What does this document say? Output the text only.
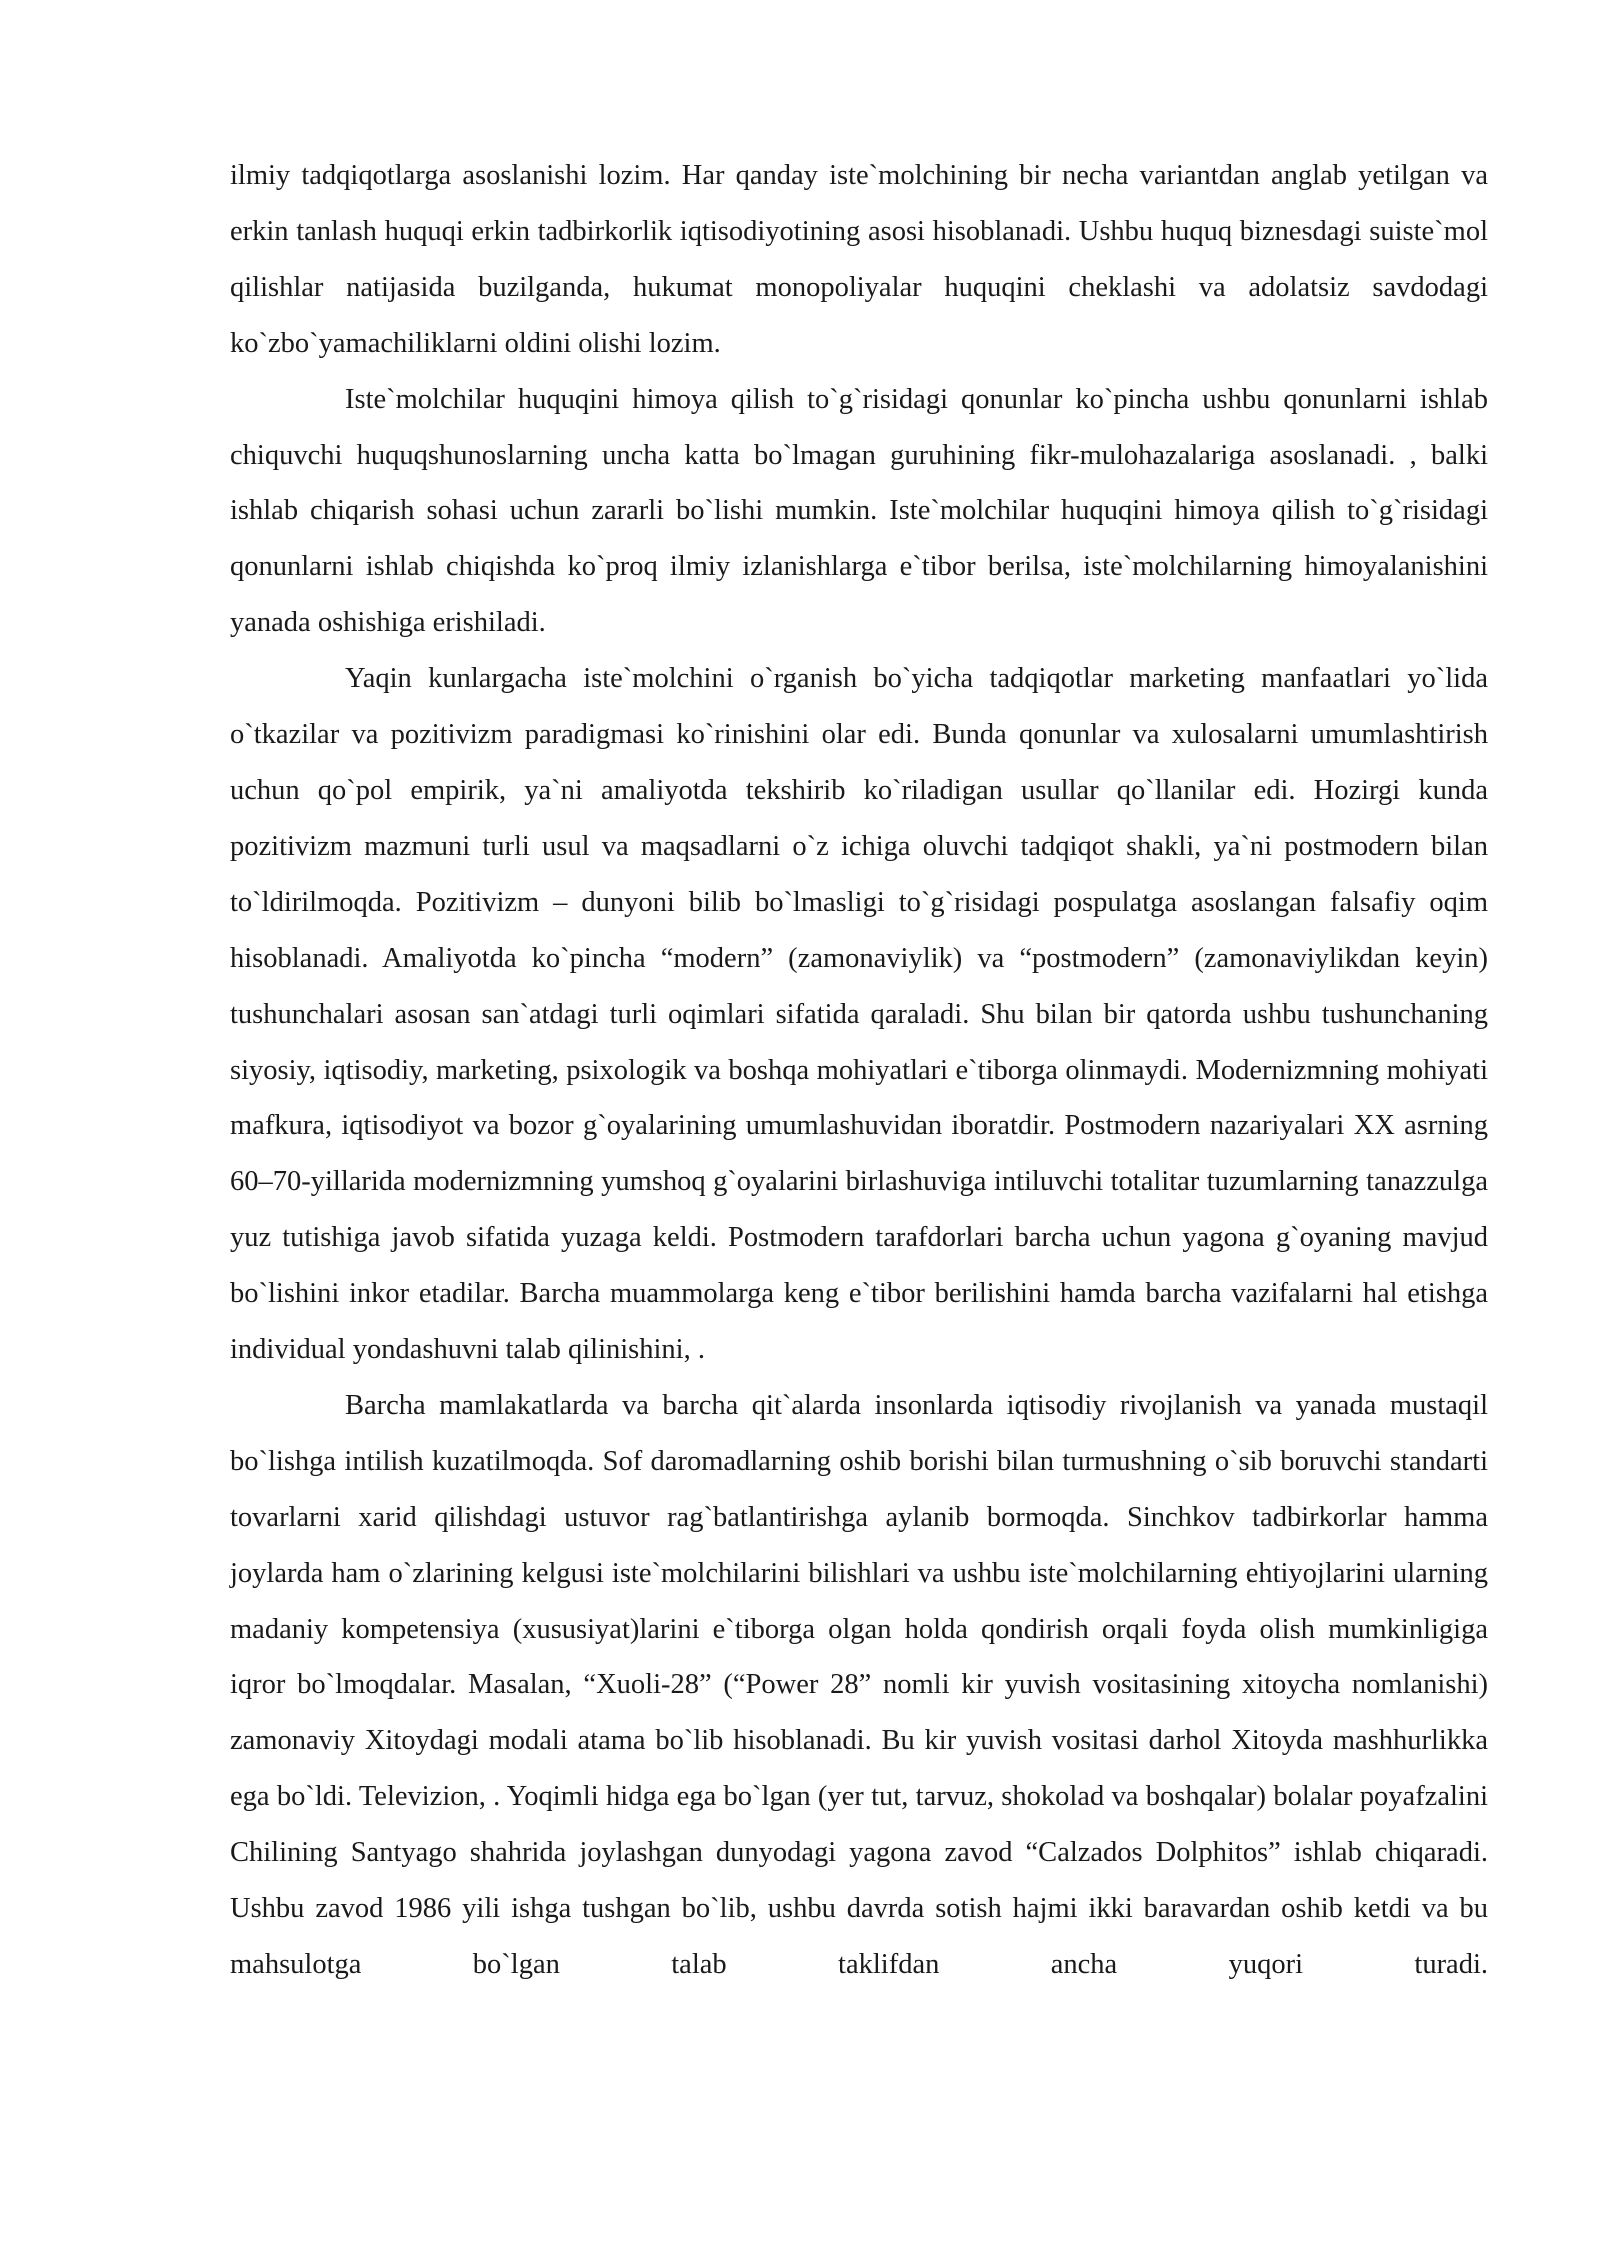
ilmiy tadqiqotlarga asoslanishi lozim. Har qanday iste`molchining bir necha variantdan anglab yetilgan va erkin tanlash huquqi erkin tadbirkorlik iqtisodiyotining asosi hisoblanadi. Ushbu huquq biznesdagi suiste`mol qilishlar natijasida buzilganda, hukumat monopoliyalar huquqini cheklashi va adolatsiz savdodagi ko`zbo`yamachiliklarni oldini olishi lozim.

Iste`molchilar huquqini himoya qilish to`g`risidagi qonunlar ko`pincha ushbu qonunlarni ishlab chiquvchi huquqshunoslarning uncha katta bo`lmagan guruhining fikr-mulohazalariga asoslanadi. , balki ishlab chiqarish sohasi uchun zararli bo`lishi mumkin. Iste`molchilar huquqini himoya qilish to`g`risidagi qonunlarni ishlab chiqishda ko`proq ilmiy izlanishlarga e`tibor berilsa, iste`molchilarning himoyalanishini yanada oshishiga erishiladi.

Yaqin kunlargacha iste`molchini o`rganish bo`yicha tadqiqotlar marketing manfaatlari yo`lida o`tkazilar va pozitivizm paradigmasi ko`rinishini olar edi. Bunda qonunlar va xulosalarni umumlashtirish uchun qo`pol empirik, ya`ni amaliyotda tekshirib ko`riladigan usullar qo`llanilar edi. Hozirgi kunda pozitivizm mazmuni turli usul va maqsadlarni o`z ichiga oluvchi tadqiqot shakli, ya`ni postmodern bilan to`ldirilmoqda. Pozitivizm – dunyoni bilib bo`lmasligi to`g`risidagi pospulatga asoslangan falsafiy oqim hisoblanadi. Amaliyotda ko`pincha “modern” (zamonaviylik) va “postmodern” (zamonaviylikdan keyin) tushunchalari asosan san`atdagi turli oqimlari sifatida qaraladi. Shu bilan bir qatorda ushbu tushunchaning siyosiy, iqtisodiy, marketing, psixologik va boshqa mohiyatlari e`tiborga olinmaydi. Modernizmning mohiyati mafkura, iqtisodiyot va bozor g`oyalarining umumlashuvidan iboratdir. Postmodern nazariyalari XX asrning 60–70-yillarida modernizmning yumshoq g`oyalarini birlashuviga intiluvchi totalitar tuzumlarning tanazzulga yuz tutishiga javob sifatida yuzaga keldi. Postmodern tarafdorlari barcha uchun yagona g`oyaning mavjud bo`lishini inkor etadilar. Barcha muammolarga keng e`tibor berilishini hamda barcha vazifalarni hal etishga individual yondashuvni talab qilinishini, .

Barcha mamlakatlarda va barcha qit`alarda insonlarda iqtisodiy rivojlanish va yanada mustaqil bo`lishga intilish kuzatilmoqda. Sof daromadlarning oshib borishi bilan turmushning o`sib boruvchi standarti tovarlarni xarid qilishdagi ustuvor rag`batlantirishga aylanib bormoqda. Sinchkov tadbirkorlar hamma joylarda ham o`zlarining kelgusi iste`molchilarini bilishlari va ushbu iste`molchilarning ehtiyojlarini ularning madaniy kompetensiya (xususiyat)larini e`tiborga olgan holda qondirish orqali foyda olish mumkinligiga iqror bo`lmoqdalar. Masalan, “Xuoli-28” (“Power 28” nomli kir yuvish vositasining xitoycha nomlanishi) zamonaviy Xitoydagi modali atama bo`lib hisoblanadi. Bu kir yuvish vositasi darhol Xitoyda mashhurlikka ega bo`ldi. Televizion, . Yoqimli hidga ega bo`lgan (yer tut, tarvuz, shokolad va boshqalar) bolalar poyafzalini Chilining Santyago shahrida joylashgan dunyodagi yagona zavod “Calzados Dolphitos” ishlab chiqaradi. Ushbu zavod 1986 yili ishga tushgan bo`lib, ushbu davrda sotish hajmi ikki baravardan oshib ketdi va bu mahsulotga bo`lgan talab taklifdan ancha yuqori turadi.
